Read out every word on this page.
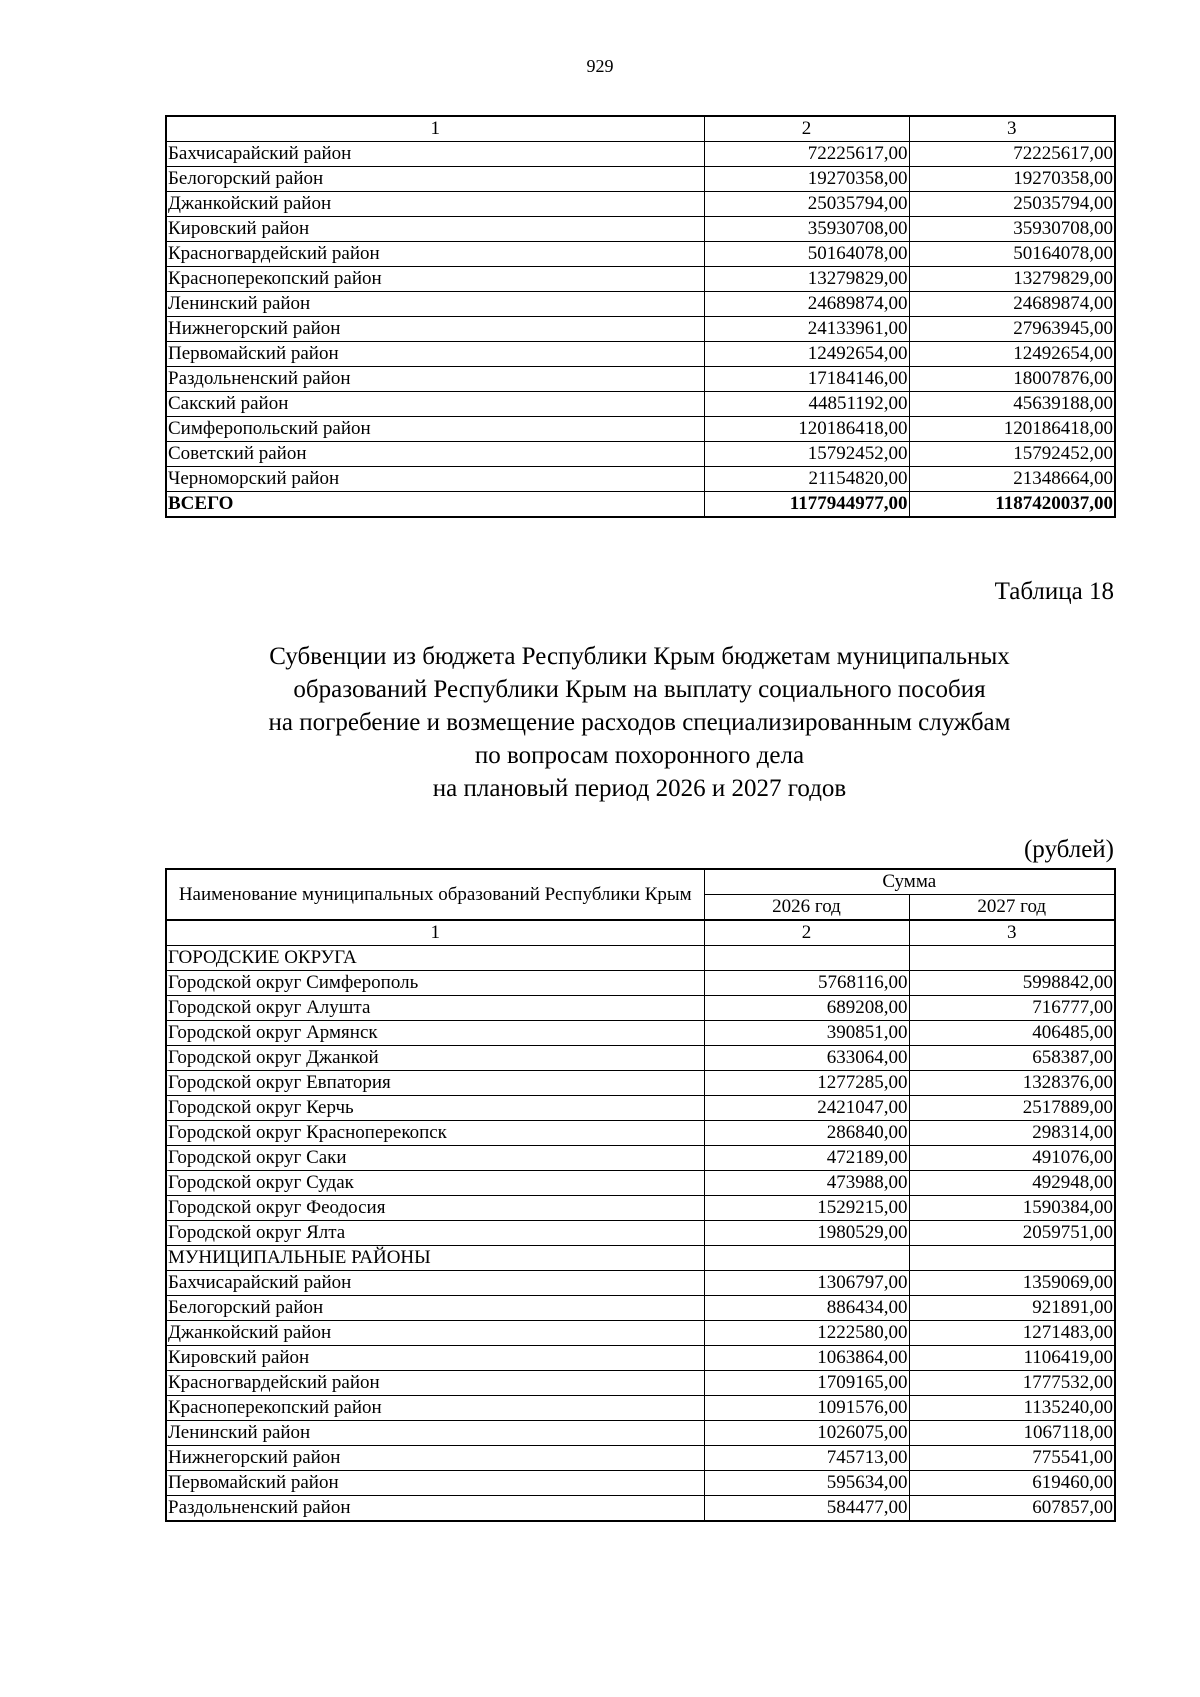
929
1	2	3
Бахчисарайский район	72225617,00	72225617,00
Белогорский район	19270358,00	19270358,00
Джанкойский район	25035794,00	25035794,00
Кировский район	35930708,00	35930708,00
Красногвардейский район	50164078,00	50164078,00
Красноперекопский район	13279829,00	13279829,00
Ленинский район	24689874,00	24689874,00
Нижнегорский район	24133961,00	27963945,00
Первомайский район	12492654,00	12492654,00
Раздольненский район	17184146,00	18007876,00
Сакский район	44851192,00	45639188,00
Симферопольский район	120186418,00	120186418,00
Советский район	15792452,00	15792452,00
Черноморский район	21154820,00	21348664,00
ВСЕГО	1177944977,00	1187420037,00
Таблица 18
Субвенции из бюджета Республики Крым бюджетам муниципальных
образований Республики Крым на выплату социального пособия
на погребение и возмещение расходов специализированным службам
по вопросам похоронного дела
на плановый период 2026 и 2027 годов
(рублей)
Наименование муниципальных образований Республики Крым	Сумма	
	2026 год	2027 год
1	2	3
ГОРОДСКИЕ ОКРУГА		
Городской округ Симферополь	5768116,00	5998842,00
Городской округ Алушта	689208,00	716777,00
Городской округ Армянск	390851,00	406485,00
Городской округ Джанкой	633064,00	658387,00
Городской округ Евпатория	1277285,00	1328376,00
Городской округ Керчь	2421047,00	2517889,00
Городской округ Красноперекопск	286840,00	298314,00
Городской округ Саки	472189,00	491076,00
Городской округ Судак	473988,00	492948,00
Городской округ Феодосия	1529215,00	1590384,00
Городской округ Ялта	1980529,00	2059751,00
МУНИЦИПАЛЬНЫЕ РАЙОНЫ		
Бахчисарайский район	1306797,00	1359069,00
Белогорский район	886434,00	921891,00
Джанкойский район	1222580,00	1271483,00
Кировский район	1063864,00	1106419,00
Красногвардейский район	1709165,00	1777532,00
Красноперекопский район	1091576,00	1135240,00
Ленинский район	1026075,00	1067118,00
Нижнегорский район	745713,00	775541,00
Первомайский район	595634,00	619460,00
Раздольненский район	584477,00	607857,00
